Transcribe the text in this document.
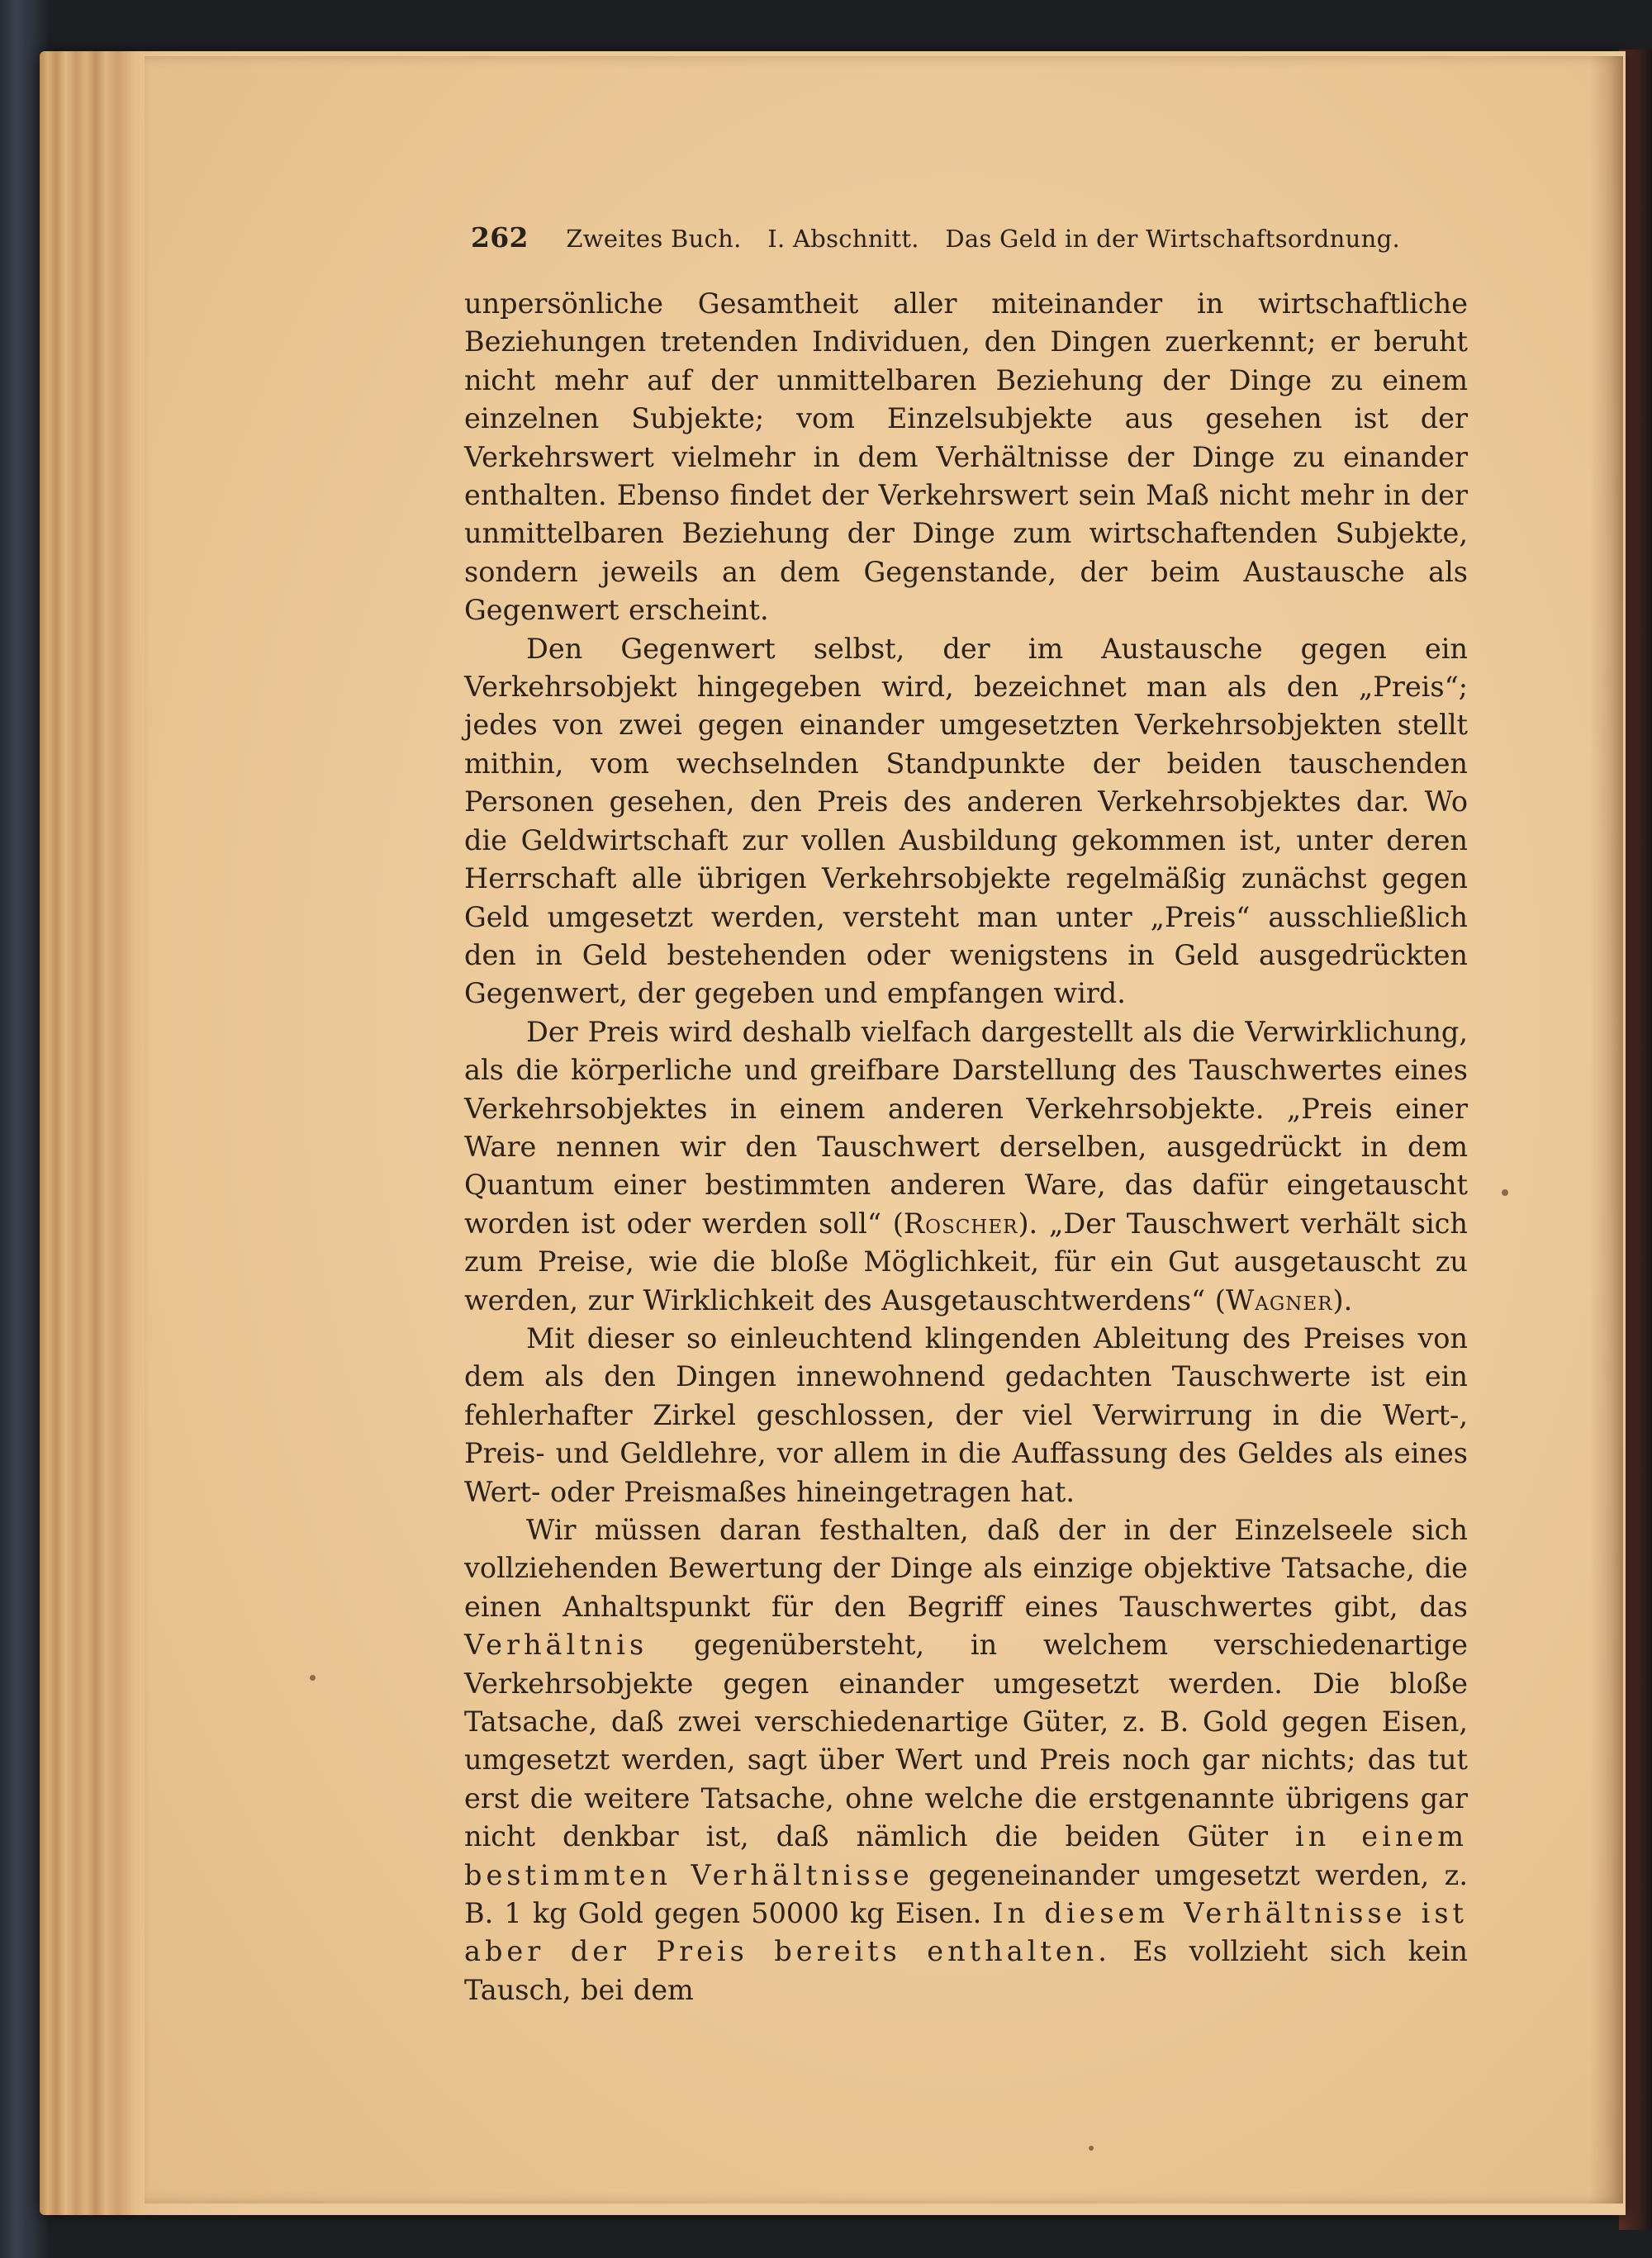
262 Zweites Buch. I. Abschnitt. Das Geld in der Wirtschaftsordnung.

unpersönliche Gesamtheit aller miteinander in wirtschaftliche Beziehungen tretenden Individuen, den Dingen zuerkennt; er beruht nicht mehr auf der unmittelbaren Beziehung der Dinge zu einem einzelnen Subjekte; vom Einzelsubjekte aus gesehen ist der Verkehrswert vielmehr in dem Verhältnisse der Dinge zu einander enthalten. Ebenso findet der Verkehrswert sein Maß nicht mehr in der unmittelbaren Beziehung der Dinge zum wirtschaftenden Subjekte, sondern jeweils an dem Gegenstande, der beim Austausche als Gegenwert erscheint.

Den Gegenwert selbst, der im Austausche gegen ein Verkehrsobjekt hingegeben wird, bezeichnet man als den „Preis“; jedes von zwei gegen einander umgesetzten Verkehrsobjekten stellt mithin, vom wechselnden Standpunkte der beiden tauschenden Personen gesehen, den Preis des anderen Verkehrsobjektes dar. Wo die Geldwirtschaft zur vollen Ausbildung gekommen ist, unter deren Herrschaft alle übrigen Verkehrsobjekte regelmäßig zunächst gegen Geld umgesetzt werden, versteht man unter „Preis“ ausschließlich den in Geld bestehenden oder wenigstens in Geld ausgedrückten Gegenwert, der gegeben und empfangen wird.

Der Preis wird deshalb vielfach dargestellt als die Verwirklichung, als die körperliche und greifbare Darstellung des Tauschwertes eines Verkehrsobjektes in einem anderen Verkehrsobjekte. „Preis einer Ware nennen wir den Tauschwert derselben, ausgedrückt in dem Quantum einer bestimmten anderen Ware, das dafür eingetauscht worden ist oder werden soll“ (Roscher). „Der Tauschwert verhält sich zum Preise, wie die bloße Möglichkeit, für ein Gut ausgetauscht zu werden, zur Wirklichkeit des Ausgetauschtwerdens“ (Wagner).

Mit dieser so einleuchtend klingenden Ableitung des Preises von dem als den Dingen innewohnend gedachten Tauschwerte ist ein fehlerhafter Zirkel geschlossen, der viel Verwirrung in die Wert-, Preis- und Geldlehre, vor allem in die Auffassung des Geldes als eines Wert- oder Preismaßes hineingetragen hat.

Wir müssen daran festhalten, daß der in der Einzelseele sich vollziehenden Bewertung der Dinge als einzige objektive Tatsache, die einen Anhaltspunkt für den Begriff eines Tauschwertes gibt, das Verhältnis gegenübersteht, in welchem verschiedenartige Verkehrsobjekte gegen einander umgesetzt werden. Die bloße Tatsache, daß zwei verschiedenartige Güter, z. B. Gold gegen Eisen, umgesetzt werden, sagt über Wert und Preis noch gar nichts; das tut erst die weitere Tatsache, ohne welche die erstgenannte übrigens gar nicht denkbar ist, daß nämlich die beiden Güter in einem bestimmten Verhältnisse gegeneinander umgesetzt werden, z. B. 1 kg Gold gegen 50000 kg Eisen. In diesem Verhältnisse ist aber der Preis bereits enthalten. Es vollzieht sich kein Tausch, bei dem
